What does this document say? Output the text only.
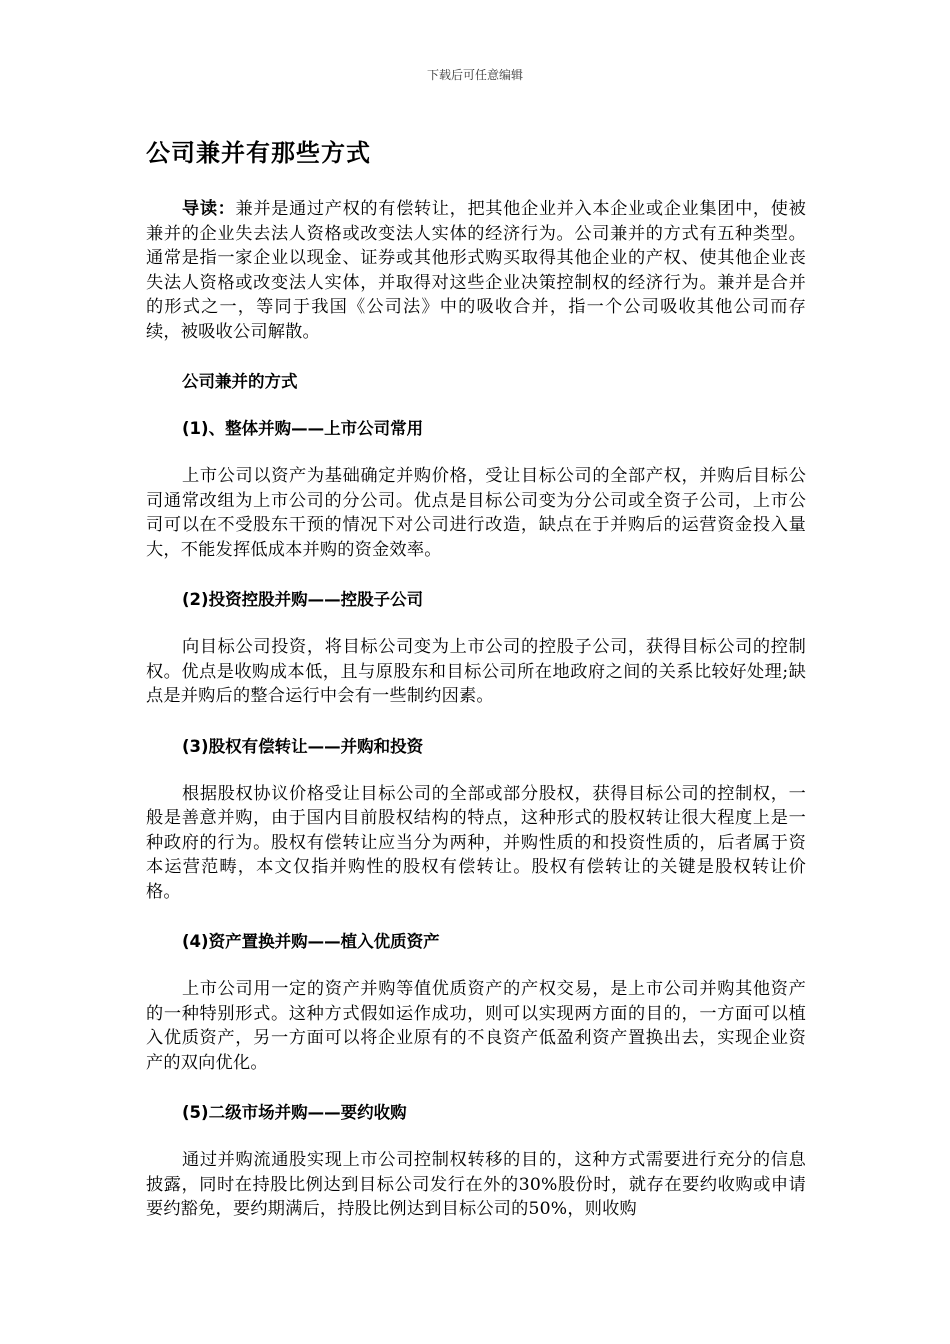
下载后可任意编辑
公司兼并有那些方式

导读：兼并是通过产权的有偿转让，把其他企业并入本企业或企业集团中，使被兼并的企业失去法人资格或改变法人实体的经济行为。公司兼并的方式有五种类型。通常是指一家企业以现金、证券或其他形式购买取得其他企业的产权、使其他企业丧失法人资格或改变法人实体，并取得对这些企业决策控制权的经济行为。兼并是合并的形式之一，等同于我国《公司法》中的吸收合并，指一个公司吸收其他公司而存续，被吸收公司解散。

公司兼并的方式
(1)、整体并购——上市公司常用

上市公司以资产为基础确定并购价格，受让目标公司的全部产权，并购后目标公司通常改组为上市公司的分公司。优点是目标公司变为分公司或全资子公司，上市公司可以在不受股东干预的情况下对公司进行改造，缺点在于并购后的运营资金投入量大，不能发挥低成本并购的资金效率。

(2)投资控股并购——控股子公司

向目标公司投资，将目标公司变为上市公司的控股子公司，获得目标公司的控制权。优点是收购成本低，且与原股东和目标公司所在地政府之间的关系比较好处理;缺点是并购后的整合运行中会有一些制约因素。

(3)股权有偿转让——并购和投资

根据股权协议价格受让目标公司的全部或部分股权，获得目标公司的控制权，一般是善意并购，由于国内目前股权结构的特点，这种形式的股权转让很大程度上是一种政府的行为。股权有偿转让应当分为两种，并购性质的和投资性质的，后者属于资本运营范畴，本文仅指并购性的股权有偿转让。股权有偿转让的关键是股权转让价格。

(4)资产置换并购——植入优质资产

上市公司用一定的资产并购等值优质资产的产权交易，是上市公司并购其他资产的一种特别形式。这种方式假如运作成功，则可以实现两方面的目的，一方面可以植入优质资产，另一方面可以将企业原有的不良资产低盈利资产置换出去，实现企业资产的双向优化。

(5)二级市场并购——要约收购

通过并购流通股实现上市公司控制权转移的目的，这种方式需要进行充分的信息披露，同时在持股比例达到目标公司发行在外的30%股份时，就存在要约收购或申请要约豁免，要约期满后，持股比例达到目标公司的50%，则收购
